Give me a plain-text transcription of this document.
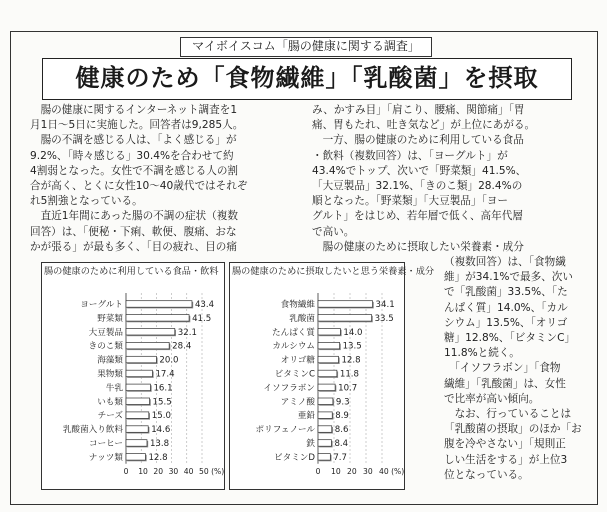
マイボイスコム「腸の健康に関する調査」
健康のため「食物繊維」「乳酸菌」を摂取
　腸の健康に関するインターネット調査を1
月1日～5日に実施した。回答者は9,285人。
　腸の不調を感じる人は、「よく感じる」が
9.2%、「時々感じる」30.4%を合わせて約
4割弱となった。女性で不調を感じる人の割
合が高く、とくに女性10～40歳代ではそれぞ
れ5割強となっている。
　直近1年間にあった腸の不調の症状（複数
回答）は、「便秘・下痢、軟便、腹痛、おな
かが張る」が最も多く、「目の疲れ、目の痛
み、かすみ目」「肩こり、腰痛、関節痛」「胃
痛、胃もたれ、吐き気など」が上位にあがる。
　一方、腸の健康のために利用している食品
・飲料（複数回答）は、「ヨーグルト」が
43.4%でトップ、次いで「野菜類」41.5%、
「大豆製品」32.1%、「きのこ類」28.4%の
順となった。「野菜類」「大豆製品」「ヨー
グルト」をはじめ、若年層で低く、高年代層
で高い。
　腸の健康のために摂取したい栄養素・成分
（複数回答）は、「食物繊
維」が34.1%で最多、次い
で「乳酸菌」33.5%、「た
んぱく質」14.0%、「カル
シウム」13.5%、「オリゴ
糖」12.8%、「ビタミンC」
11.8%と続く。
　「イソフラボン」「食物
繊維」「乳酸菌」は、女性
で比率が高い傾向。
　なお、行っていることは
「乳酸菌の摂取」のほか「お
腹を冷やさない」「規則正
しい生活をする」が上位3
位となっている。
腸の健康のために利用している食品・飲料
0 10 20 30 40 50 (%)
ヨーグルト	43.4
野菜類	41.5
大豆製品	32.1
きのこ類	28.4
海藻類	20.0
果物類	17.4
牛乳	16.1
いも類	15.5
チーズ	15.0
乳酸菌入り飲料	14.6
コーヒー	13.8
ナッツ類	12.8
腸の健康のために摂取したいと思う栄養素・成分
0 10 20 30 40 (%)
食物繊維	34.1
乳酸菌	33.5
たんぱく質	14.0
カルシウム	13.5
オリゴ糖	12.8
ビタミンC	11.8
イソフラボン	10.7
アミノ酸 9.3
亜鉛 8.9
ポリフェノール 8.6
鉄 8.4
ビタミンD 7.7
